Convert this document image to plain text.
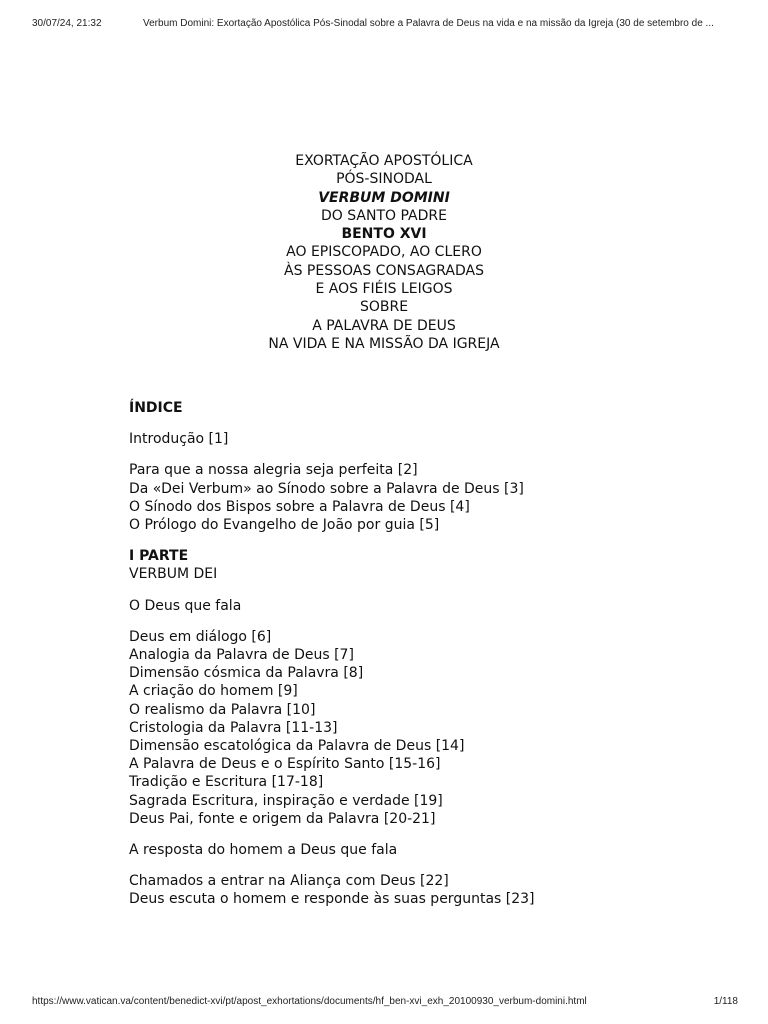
30/07/24, 21:32	Verbum Domini: Exortação Apostólica Pós-Sinodal sobre a Palavra de Deus na vida e na missão da Igreja (30 de setembro de ...
EXORTAÇÃO APOSTÓLICA
PÓS-SINODAL
VERBUM DOMINI
DO SANTO PADRE
BENTO XVI
AO EPISCOPADO, AO CLERO
ÀS PESSOAS CONSAGRADAS
E AOS FIÉIS LEIGOS
SOBRE
A PALAVRA DE DEUS
NA VIDA E NA MISSÃO DA IGREJA
ÍNDICE
Introdução [1]
Para que a nossa alegria seja perfeita [2]
Da «Dei Verbum» ao Sínodo sobre a Palavra de Deus [3]
O Sínodo dos Bispos sobre a Palavra de Deus [4]
O Prólogo do Evangelho de João por guia [5]
I PARTE
VERBUM DEI
O Deus que fala
Deus em diálogo [6]
Analogia da Palavra de Deus [7]
Dimensão cósmica da Palavra [8]
A criação do homem [9]
O realismo da Palavra [10]
Cristologia da Palavra [11-13]
Dimensão escatológica da Palavra de Deus [14]
A Palavra de Deus e o Espírito Santo [15-16]
Tradição e Escritura [17-18]
Sagrada Escritura, inspiração e verdade [19]
Deus Pai, fonte e origem da Palavra [20-21]
A resposta do homem a Deus que fala
Chamados a entrar na Aliança com Deus [22]
Deus escuta o homem e responde às suas perguntas [23]
https://www.vatican.va/content/benedict-xvi/pt/apost_exhortations/documents/hf_ben-xvi_exh_20100930_verbum-domini.html	1/118
